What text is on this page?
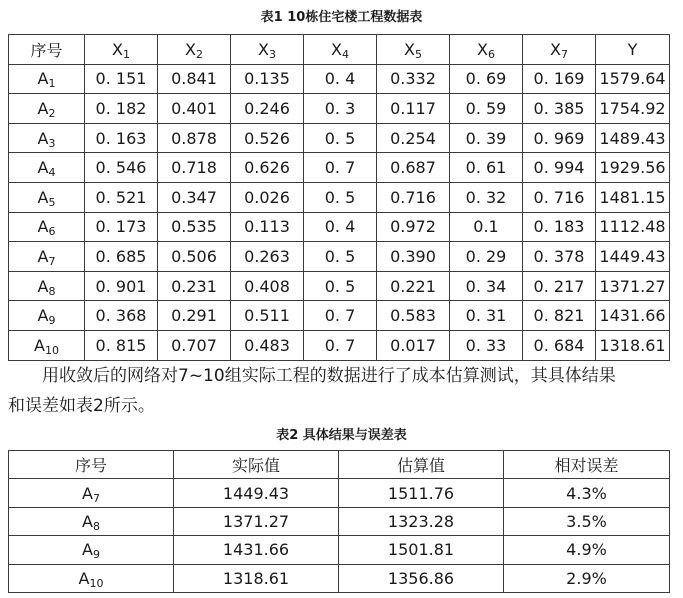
表1 10栋住宅楼工程数据表
序号	$X_1$	$X_2$	$X_3$	$X_4$	$X_5$	$X_6$	$X_7$	Y
$A_1$	0. 151	0.841	0.135	0. 4	0.332	0. 69	0. 169	1579.64
$A_2$	0. 182	0.401	0.246	0. 3	0.117	0. 59	0. 385	1754.92
$A_3$	0. 163	0.878	0.526	0. 5	0.254	0. 39	0. 969	1489.43
$A_4$	0. 546	0.718	0.626	0. 7	0.687	0. 61	0. 994	1929.56
$A_5$	0. 521	0.347	0.026	0. 5	0.716	0. 32	0. 716	1481.15
$A_6$	0. 173	0.535	0.113	0. 4	0.972	0.1	0. 183	1112.48
$A_7$	0. 685	0.506	0.263	0. 5	0.390	0. 29	0. 378	1449.43
$A_8$	0. 901	0.231	0.408	0. 5	0.221	0. 34	0. 217	1371.27
$A_9$	0. 368	0.291	0.511	0. 7	0.583	0. 31	0. 821	1431.66
$A_{10}$	0. 815	0.707	0.483	0. 7	0.017	0. 33	0. 684	1318.61
用收敛后的网络对7~10组实际工程的数据进行了成本估算测试，其具体结果
和误差如表2所示。
表2 具体结果与误差表
序号	实际值	估算值	相对误差
$A_7$	1449.43	1511.76	4.3%
$A_8$	1371.27	1323.28	3.5%
$A_9$	1431.66	1501.81	4.9%
$A_{10}$	1318.61	1356.86	2.9%
